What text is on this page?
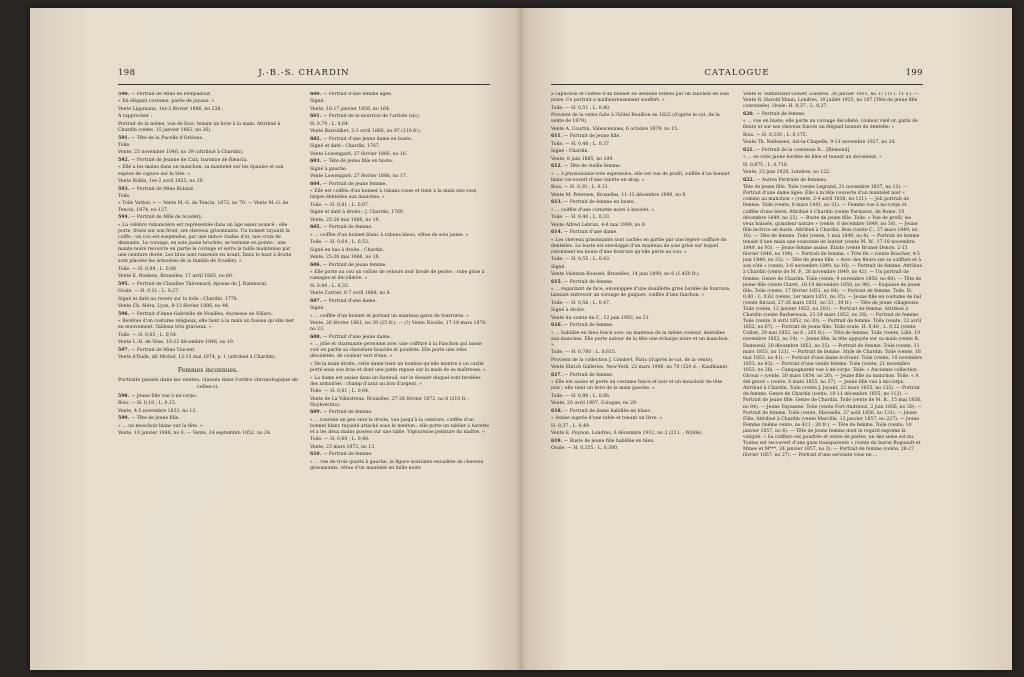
198	J.-B.-S. CHARDIN

590. — Portrait de Mme de Pompadour.

« En élégant costume, parée de joyaux. »

Vente Lippmann, 1er-2 février 1886, no 238.

A rapprocher :

Portrait de la même, vue de face, tenant un livre à la main. Attribué à Chardin (vente, 15 janvier 1862, no 26).

591. — Tête de la Pucelle d'Orléans.

Toile.

Vente, 23 novembre 1846, no 39 (attribué à Chardin).

592. — Portrait de Jeanne de Caix, baronne de Riencia.

« Elle a les mains dans un manchon, sa mantelet sur les épaules et son espèce de capuce sur la tête. »

Vente Rollin, 1er-2 avril 1853, no 29.

593. — Portrait de Mme Roland.

Toile.

« Toile Vatton. » — Vente M.-G. de Tencin, 1872, no 70. — Vente M.-G. de Tencin, 1874, no 127.

594. — Portrait de Mlle de Scudéry.

« La célèbre romancière est représentée dans un âge assez avancé ; elle porte, frisés sur son front, ses cheveux grisonnants. Un bonnet tuyauté la coiffe ; un cou est suspendue, par une mince chaîne d'or, une croix de diamants. Le corsage, en soie jaune brochée, se termine en pointe ; une mante noire recouvre en partie le corsage et serre la taille maintenue par une ceinture dorée. Les bras sont ramenés en avant. Dans le haut à droite sont placées les armoiries de la famille de Scudéry. »

Toile. — H. 0,84 ; L. 0,68.

Vente E. Roelens, Bruxelles, 17 avril 1883, no 60.

595. — Portrait de Claudine Thévenard, épouse de J. Rambaval.

Ovale. — H. 0,31 ; L. 0,27.

Signé et daté au revers sur la toile : Chardin, 1770.

Vente Ch. Méra, Lyon, 8-13 février 1886, no 44.

596. — Portrait d'Anne-Gabrielle de Noailles, duchesse de Villars.

« Revêtue d'un costume religieux, elle tient à la main un fuseau qu'elle met en mouvement. Tableau très gracieux. »

Toile. — H. 0,65 ; L. 0,54.

Vente L.-D. de Véze, 10-22 décembre 1846, no 19.

597. — Portrait de Mme Vincent.

Vente d'Eude, dit Michel, 12-13 mai 1874, p. 1 (attribué à Chardin).

Femmes inconnues.

Portraits passés dans les ventes, classés dans l'ordre chronologique de celles-ci.

598. — Jeune fille vue à mi-corps.

Bois. — H. 0,19 ; L. 0,15.

Vente, 4-5 novembre 1833, no 13.

599. — Tête de jeune fille.

« ... un mouchoir blanc sur la tête. »

Vente, 10 janvier 1848, no 6. — Vente, 24 septembre 1852, no 24.

600. — Portrait d'une femme âgée.

Signé.

Vente, 16-17 janvier 1856, no 164.

601. — Portrait de la nourrice de l'artiste (sic).

H. 0,79 ; L. 0,64.

Vente Barroilhet, 2-3 avril 1860, no 97 (210 fr.).

602. — Portrait d'une jeune dame en buste.

Signé et daté : Chardin, 1767.

Vente Lowengard, 27 février 1866, no 16.

603. — Tête de jeune fille en buste.

Signé à gauche.

Vente Lowengard, 27 février 1866, no 17.

604. — Portrait de jeune femme.

« Elle est coiffée d'un bonnet à rubans roses et tient à la main une rose, larges dentelles aux manches. »

Toile. — H. 0,81 ; L. 0,67.

Signé et daté à droite : J. Chardin, 1769.

Vente, 25-26 mai 1866, no 19.

605. — Portrait de femme.

« ... coiffée d'un bonnet blanc à rubans bleus, vêtue de soie jaune. »

Toile. — H. 0,64 ; L. 0,53.

Signé en bas à droite : Chardin.

Vente, 25-26 mai 1866, no 18.

606. — Portrait de jeune femme.

« Elle porte au cou un collier de velours noir brodé de perles ; robe grise à ramages et décolletée. »

H. 0,44 ; L. 0,33.

Vente Carrier, 6-7 avril 1868, no 8.

607. — Portrait d'une dame.

Signé.

« ... coiffée d'un bonnet et portant un manteau garni de fourrures. »

Vente, 26 février 1861, no 39 (25 fr.). — (?) Vente Nicolle, 17-18 mars 1870, no 23.

608. — Portrait d'une jeune dame.

« ... jolie et charmante personne avec une coiffure à la Fanchon qui laisse voir en partie sa chevelure bouclée et poudrée. Elle porte une robe décolletée, de couleur vert d'eau. »

« De la main droite, cette dame tient un bonbon qu'elle montre à un carlin porté sous son bras et dont une patte repose sur la main de sa maîtresse. »

« La dame est assise dans un fauteuil, sur le dossier duquel sont brodées des armoiries : champ d'azur au lion d'argent. »

Toile. — H. 0,81 ; L. 0,64.

Vente de La Villestreux, Bruxelles, 27-28 février 1872, no 8 (210 fr. ; Huybrechts).

609. — Portrait de femme.

« ... tournée un peu vers la droite, vue jusqu'à la ceinture, coiffée d'un bonnet blanc tuyauté attaché sous le menton ; elle porte un tablier à bavette et a les deux mains posées sur une table. Vigoureuse peinture du maître. »

Toile. — H. 0,60 ; L. 0,48.

Vente, 23 mars 1872, no 13.

610. — Portrait de femme.

« ... vue de trois quarts à gauche, la figure souriante encadrée de cheveux grisonnants, vêtue d'un mantelet en faille noire

CATALOGUE	199

à capuchon et coiffée d'un bonnet en dentelle retenu par un fanchon en soie noire. Ce portrait a malheureusement souffert. »

Toile. — H. 0,51 ; L. 0,40.

Provient de la vente faite à l'hôtel Bouillon en 1822 (d'après le cat. de la vente de 1879).

Vente A. Courtin, Valenciennes, 6 octobre 1879, no 15.

611. — Portrait de jeune fille.

Toile. — H. 0,48 ; L. 0,37.

Signé : Chardin.

Vente, 8 juin 1885, no 109.

612. — Tête de vieille femme.

« ... à physionomie très expressive, elle est vue de profil, coiffée d'un bonnet blanc recouvert d'une calotte en drap. »

Bois. — H. 0,30 ; L. 0,31.

Vente M. Petersen, Bruxelles, 11-13 décembre 1890, no 9.

613. — Portrait de femme en buste.

« ... coiffée d'une cornette noire à bavolet. »

Toile. — H. 0,40 ; L. 0,33.

Vente Alfred Lebrun, 4-6 mai 1899, no 8.

614. — Portrait d'une dame.

« Les cheveux grisonnants sont cachés en partie par une légère coiffure de dentelles. Le buste est enveloppé d'un manteau de soie grise sur lequel retombent les bouts d'une fourrure qu'elle porte au cou. »

Toile. — H. 0,55 ; L. 0,43.

Signé.

Vente Valentin Roussel, Bruxelles, 14 juin 1899, no 6 (1.450 fr.).

615. — Portrait de femme.

« ... regardant de face, enveloppée d'une douillette grise bordée de fourrure, laissant entrevoir un corsage de guipure, coiffée d'une fanchon. »

Toile. — H. 0,56 ; L. 0,47.

Signé à droite.

Vente du comte de C., 12 juin 1903, no 51.

616. — Portrait de femme.

« ... habillée en bleu foncé avec un manteau de la même couleur, dentelles aux manches. Elle porte autour de la tête une écharpe noire et un manchon. »

Toile. — H. 0,760 ; L. 0,615.

Provient de la collection J. Condert, Paris (d'après le cat. de la vente).

Vente Ehrich Galleries, New-York, 22 mars 1906, no 70 (320 d. ; Kaufmann).

617. — Portrait de femme.

« Elle est assise et porte un costume foncé et noir et un mouchoir de tête noir ; elle tient un livre de la main gauche. »

Toile. — H. 0,80 ; L. 0,66.

Vente, 20 avril 1907, Cologne, no 29.

618. — Portrait de dame habillée en blanc.

« Assise auprès d'une table et tenant un livre. »

H. 0,37 ; L. 0,49.

Vente E. Poynon, Londres, 6 décembre 1912, no 3 (22 l. ; Wylde).

619. — Buste de jeune fille habillée en bleu.

Ovale. — H. 0,355 ; L. 0,300.

Vente R. Sutherland Gower, Londres, 28 janvier 1911, no 37 (11 l. 11 s.). — Vente R. Harold Mann, Londres, 10 juillet 1925, no 107 (Tête de jeune fille couronnée). Ovale. H. 0,37 ; L. 0,27.

620. — Portrait de femme.

« ... vue en buste, elle porte un corsage décolleté, couleur vieil or, garni de fleurs et sur ses cheveux foncés un élégant bonnet de dentelle. »

Bois. — H. 0,230 ; L. 0,175.

Vente Th. Nellessen, Aix-la-Chapelle, 9-11 novembre 1927, no 24.

621. — Portrait de la comtesse R... [Remond].

« ... en robe jaune bordée de bleu et tenant un document. »

H. 0,875 ; L. 0,710.

Vente, 23 juin 1928, Londres, no 122.

622. — Autres Portraits de femmes.

Tête de jeune fille. Toile (vente Legrand, 21 novembre 1837, no 13). — Portrait d'une dame âgée. Elle a la tête couverte d'un mantelet noir « comme au manchon » (vente, 2-4 avril 1838, no 121). — Joli portrait de femme. Toile (vente, 8 mars 1841, no 21). — Femme vue à mi-corps et coiffée d'une bérel. Attribué à Chardin (vente Parmarot, de Rome, 10 décembre 1849, no 25). — Buste de jeune fille. Toile. « Vue de profil, les yeux baissés, grandeur nature » (vente, 6 décembre 1849, no 30). — Jeune fille lectrice en buste. Attribué à Chardin. Bois (vente C., 27 mars 1849, no 10). — Tête de femme. Toile (vente, 1 mai 1849, no 8). — Portrait de femme tenant d'une main une couronne de laurier (vente M. W., 17-18 novembre 1849, no 93). — Jeune femme assise. Étude (vente Brunet-Denon, 2-13 février 1846, no 198). — Portrait de femme. « Très fin » (vente Boucher, 4-5 juin 1849, no 33). — Tête de jeune fille. « Avec des fleurs sur sa coiffure et à son côté » (vente, 3-6 novembre 1849, no 16). — Portrait de femme. Attribué à Chardin (vente de M. F., 26 novembre 1849, no 42). — Un portrait de femme. Genre de Chardin. Toile (vente, 9 novembre 1850, no 60). — Tête de jeune fille (vente Claret, 16-19 décembre 1850, no 96). — Esquisse de jeune fille. Toile (vente, 17 février 1851, no 84). — Portrait de femme. Toile. H. 0,80 ; L. 0,62 (vente, 1er mars 1851, no 35). — Jeune fille en costume de bal (vente Biraud, 27-28 mars 1851, no 33 ; 39 fr.). — Tête de jeune villageoise. Toile (vente, 12 janvier 1852, no 201). — Portrait de femme. Attribué à Chardin (vente Barbereaux, 22-24 mars 1852, no 28). — Portrait de femme. Toile (vente, 8 avril 1852, no 30). — Portrait de femme. Toile (vente, 23 avril 1852, no 67). — Portrait de jeune fille. Toile ovale. H. 0,40 ; L. 0,32 (vente Colbet, 29 mai 1852, no 6 ; 205 fr.). — Tête de femme. Toile (vente, Lille, 19 novembre 1852, no 14). — Jeune fille, la tête appuyée sur sa main (vente R. Dumesnil, 20 décembre 1852, no 25). — Portrait de femme. Toile (vente, 11 mars 1853, no 121). — Portrait de femme. Style de Chardin. Toile (vente, 16 mai 1853, no 41). — Portrait d'une dame écrivant. Toile (vente, 10 novembre 1853, no 63). — Portrait d'une vieille femme. Toile (vente, 21 novembre 1853, no 38). — Campagnarde vue à mi-corps. Toile. « Ancienne collection Giroux » (vente, 30 mars 1854, no 20). — Jeune fille au manchon. Toile. « A été gravé » (vente, 6 mars 1855, no 37). — Jeune fille vue à mi-corps. Attribué à Chardin. Toile (vente J. Joyant, 22 mars 1855, no 135). — Portrait de femme. Genre de Chardin (vente, 10-11 décembre 1855, no 112). — Portrait de jeune fille. Genre de Chardin. Toile (vente de M. B., 15 mai 1856, no 84). — Jeune Paysanne. Toile (vente Fort-Andrieux, 2 juin 1856, no 30). — Portrait de femme. Toile (vente, Marseille, 27 août 1856, no 131). — Jeune Fille. Attribué à Chardin (vente Marcille, 12 janvier 1857, no 227). — Jeune Femme (même vente, no 421 ; 20 fr.). — Tête de femme. Toile (vente, 10 janvier 1857, no 6). — Tête de jeune femme dont le regard exprime la volupté. « Sa coiffure est poudrée et ornée de perles, un des seins est nu. Toutes est recouvert d'une gaze transparente » (vente du baron Roguault et Mmes et M***, 24 janvier 1857, no 3). — Portrait de femme (vente, 26-27 février 1857, no 27). — Portrait d'une servante vous ne ...
